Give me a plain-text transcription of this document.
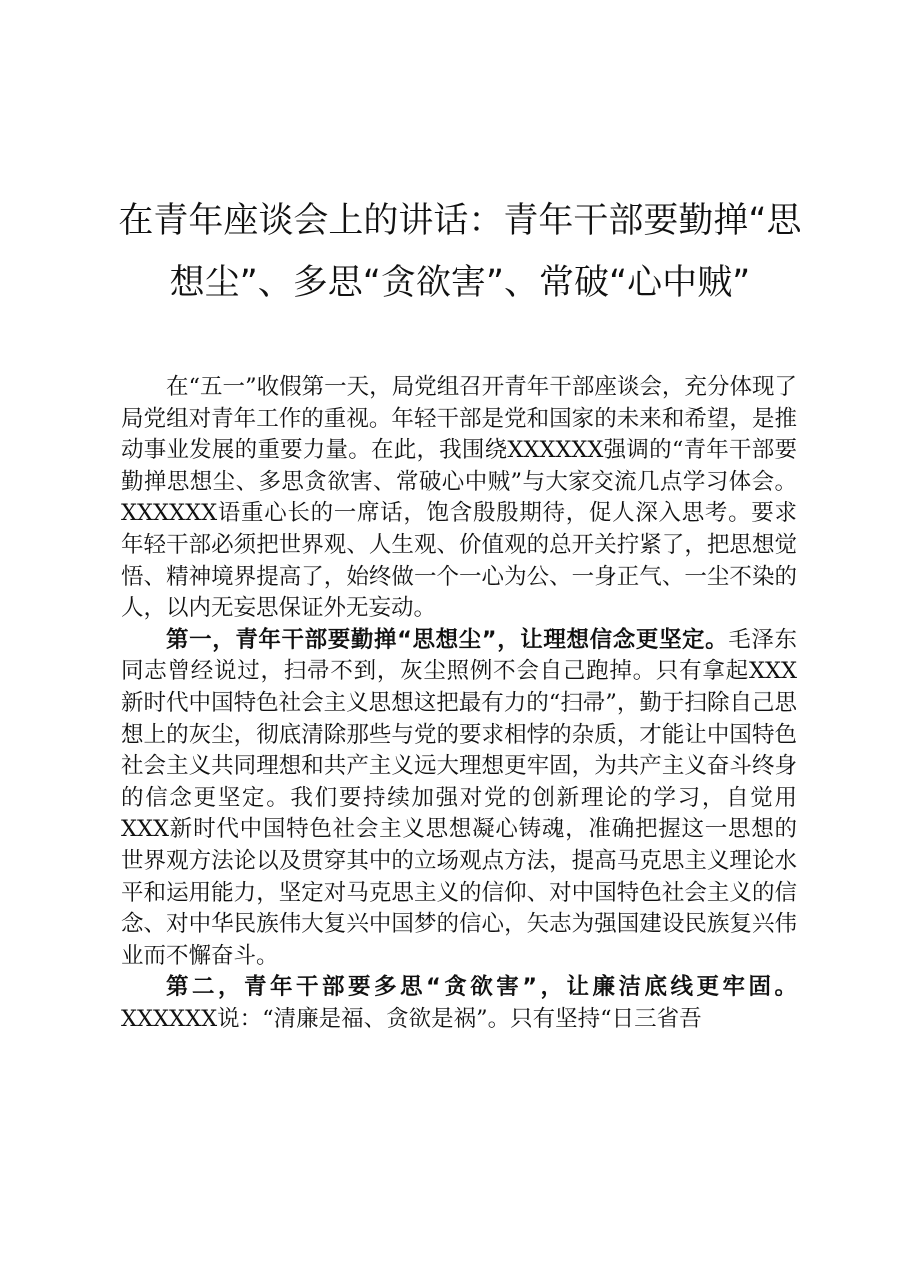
在青年座谈会上的讲话：青年干部要勤掸“思想尘”、多思“贪欲害”、常破“心中贼”

在“五一”收假第一天，局党组召开青年干部座谈会，充分体现了局党组对青年工作的重视。年轻干部是党和国家的未来和希望，是推动事业发展的重要力量。在此，我围绕XXXXXX强调的“青年干部要勤掸思想尘、多思贪欲害、常破心中贼”与大家交流几点学习体会。XXXXXX语重心长的一席话，饱含殷殷期待，促人深入思考。要求年轻干部必须把世界观、人生观、价值观的总开关拧紧了，把思想觉悟、精神境界提高了，始终做一个一心为公、一身正气、一尘不染的人，以内无妄思保证外无妄动。

第一，青年干部要勤掸“思想尘”，让理想信念更坚定。毛泽东同志曾经说过，扫帚不到，灰尘照例不会自己跑掉。只有拿起XXX新时代中国特色社会主义思想这把最有力的“扫帚”，勤于扫除自己思想上的灰尘，彻底清除那些与党的要求相悖的杂质，才能让中国特色社会主义共同理想和共产主义远大理想更牢固，为共产主义奋斗终身的信念更坚定。我们要持续加强对党的创新理论的学习，自觉用XXX新时代中国特色社会主义思想凝心铸魂，准确把握这一思想的世界观方法论以及贯穿其中的立场观点方法，提高马克思主义理论水平和运用能力，坚定对马克思主义的信仰、对中国特色社会主义的信念、对中华民族伟大复兴中国梦的信心，矢志为强国建设民族复兴伟业而不懈奋斗。

第二，青年干部要多思“贪欲害”，让廉洁底线更牢固。XXXXXX说：“清廉是福、贪欲是祸”。只有坚持“日三省吾
